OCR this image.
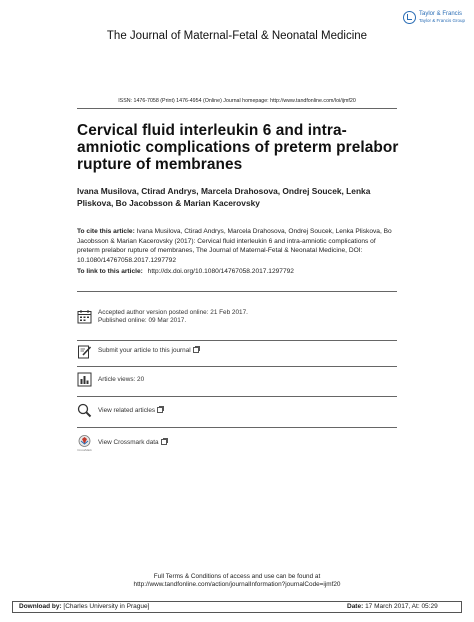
Taylor & Francis
Taylor & Francis Group
The Journal of Maternal-Fetal & Neonatal Medicine
ISSN: 1476-7058 (Print) 1476-4954 (Online) Journal homepage: http://www.tandfonline.com/loi/ijmf20
Cervical fluid interleukin 6 and intra-amniotic complications of preterm prelabor rupture of membranes
Ivana Musilova, Ctirad Andrys, Marcela Drahosova, Ondrej Soucek, Lenka Pliskova, Bo Jacobsson & Marian Kacerovsky
To cite this article: Ivana Musilova, Ctirad Andrys, Marcela Drahosova, Ondrej Soucek, Lenka Pliskova, Bo Jacobsson & Marian Kacerovsky (2017): Cervical fluid interleukin 6 and intra-amniotic complications of preterm prelabor rupture of membranes, The Journal of Maternal-Fetal & Neonatal Medicine, DOI: 10.1080/14767058.2017.1297792
To link to this article: http://dx.doi.org/10.1080/14767058.2017.1297792
Accepted author version posted online: 21 Feb 2017.
Published online: 09 Mar 2017.
Submit your article to this journal
Article views: 20
View related articles
CrossMark
View Crossmark data
Full Terms & Conditions of access and use can be found at
http://www.tandfonline.com/action/journalInformation?journalCode=ijmf20
Download by: [Charles University in Prague]	Date: 17 March 2017, At: 05:29
